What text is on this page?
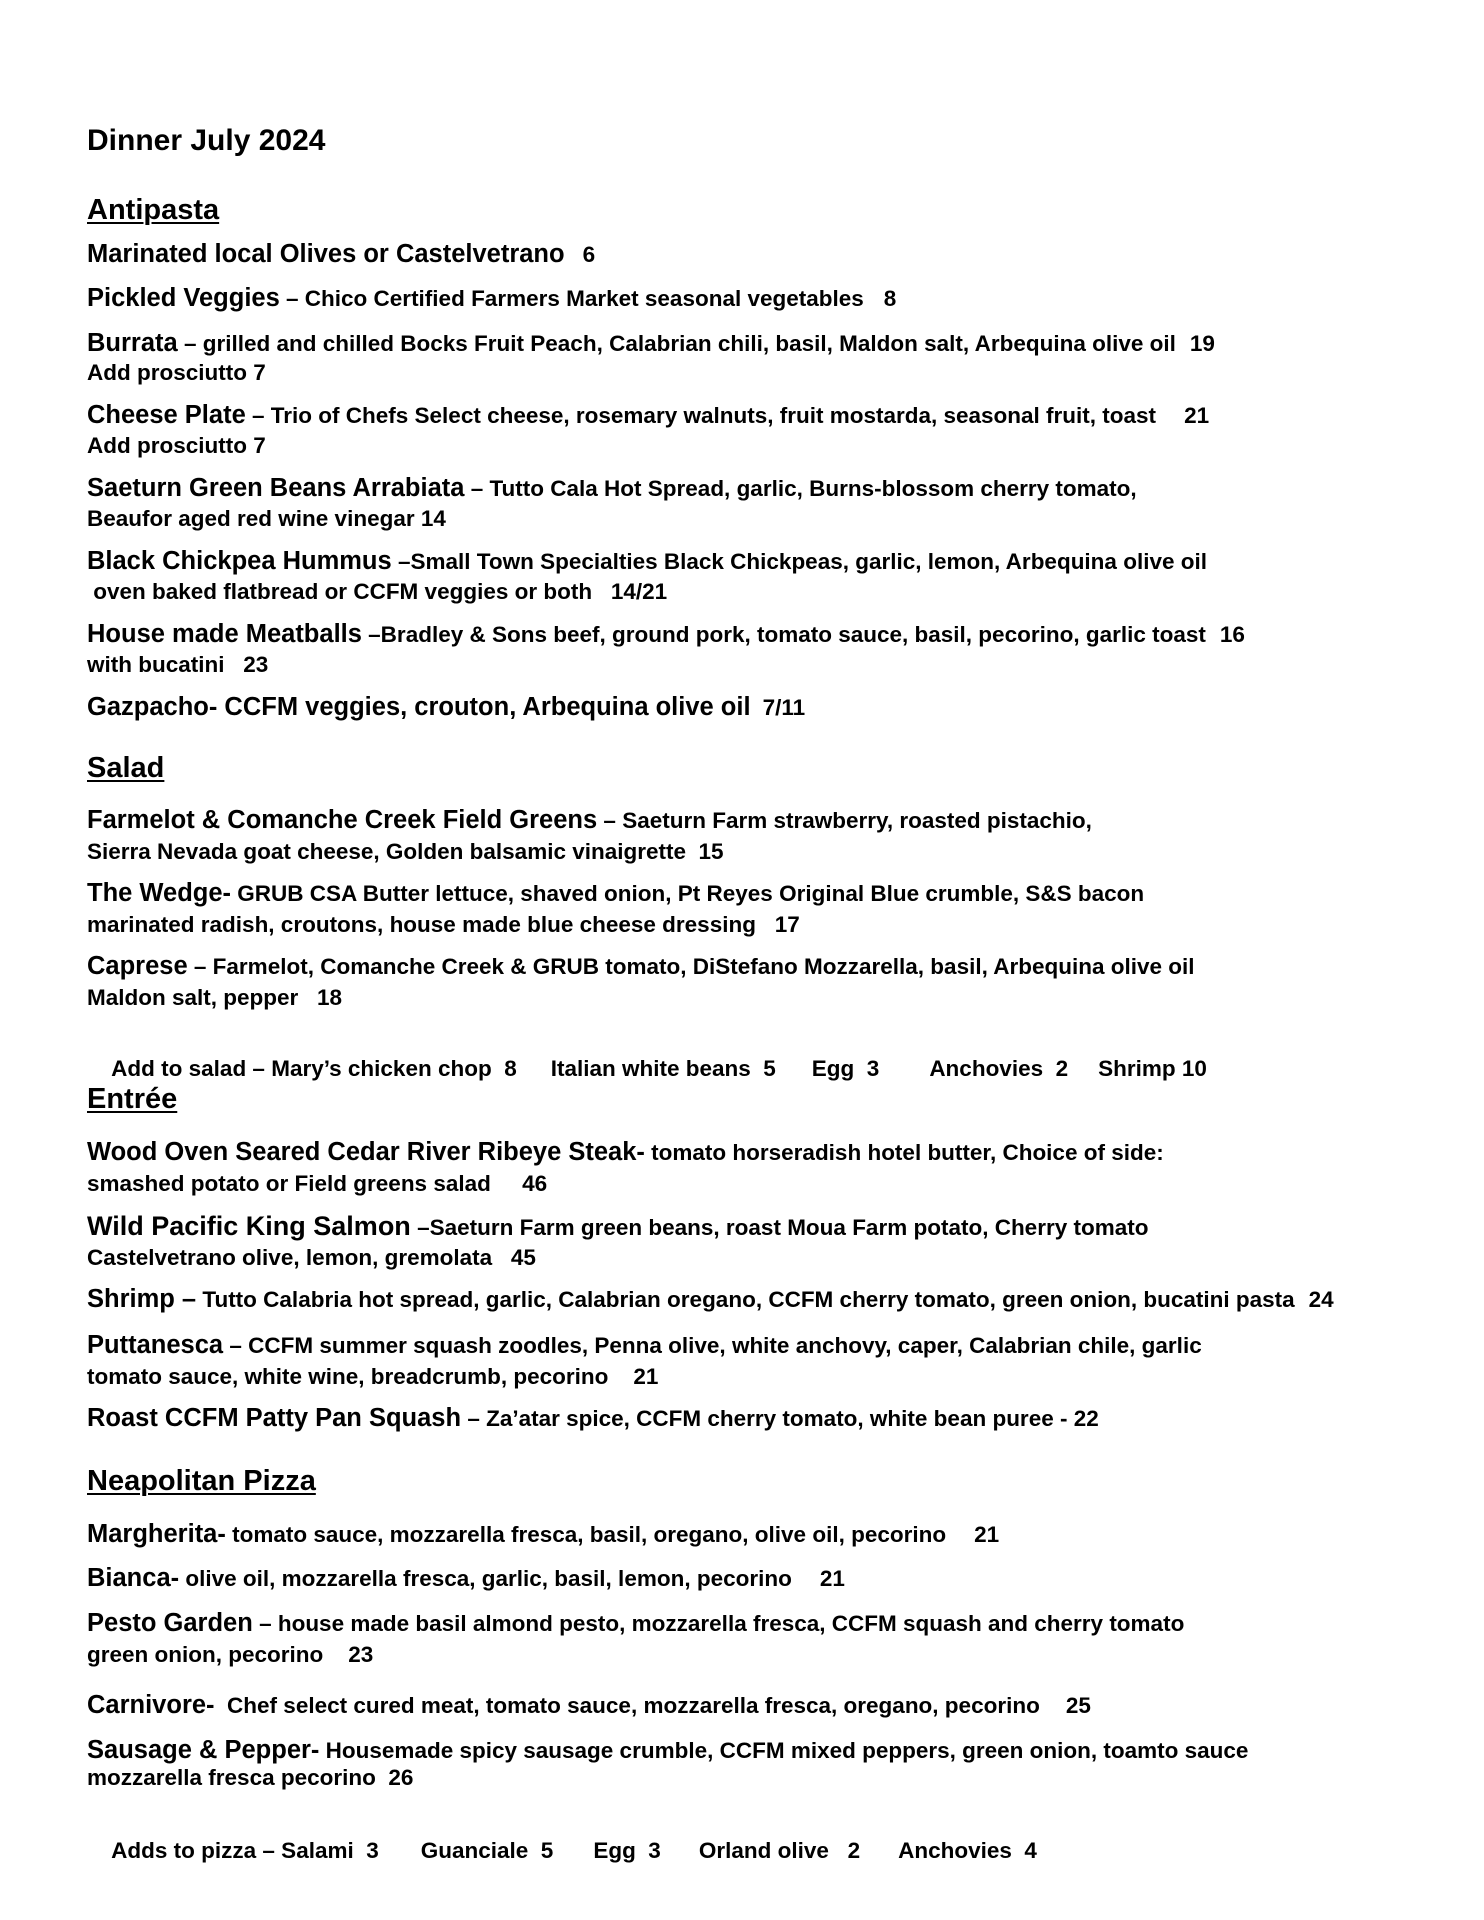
Dinner July 2024
Antipasta
Marinated local Olives or Castelvetrano 6
Pickled Veggies – Chico Certified Farmers Market seasonal vegetables 8
Burrata – grilled and chilled Bocks Fruit Peach, Calabrian chili, basil, Maldon salt, Arbequina olive oil 19
Add prosciutto 7
Cheese Plate – Trio of Chefs Select cheese, rosemary walnuts, fruit mostarda, seasonal fruit, toast 21
Add prosciutto 7
Saeturn Green Beans Arrabiata – Tutto Cala Hot Spread, garlic, Burns-blossom cherry tomato,
Beaufor aged red wine vinegar 14
Black Chickpea Hummus –Small Town Specialties Black Chickpeas, garlic, lemon, Arbequina olive oil
oven baked flatbread or CCFM veggies or both   14/21
House made Meatballs –Bradley & Sons beef, ground pork, tomato sauce, basil, pecorino, garlic toast 16
with bucatini   23
Gazpacho- CCFM veggies, crouton, Arbequina olive oil 7/11
Salad
Farmelot & Comanche Creek Field Greens – Saeturn Farm strawberry, roasted pistachio,
Sierra Nevada goat cheese, Golden balsamic vinaigrette  15
The Wedge- GRUB CSA Butter lettuce, shaved onion, Pt Reyes Original Blue crumble, S&S bacon
marinated radish, croutons, house made blue cheese dressing   17
Caprese – Farmelot, Comanche Creek & GRUB tomato, DiStefano Mozzarella, basil, Arbequina olive oil
Maldon salt, pepper   18

Add to salad – Mary’s chicken chop  8 Italian white beans  5 Egg  3 Anchovies  2 Shrimp 10

Entrée
Wood Oven Seared Cedar River Ribeye Steak- tomato horseradish hotel butter, Choice of side:
smashed potato or Field greens salad     46
Wild Pacific King Salmon –Saeturn Farm green beans, roast Moua Farm potato, Cherry tomato
Castelvetrano olive, lemon, gremolata   45
Shrimp – Tutto Calabria hot spread, garlic, Calabrian oregano, CCFM cherry tomato, green onion, bucatini pasta 24
Puttanesca – CCFM summer squash zoodles, Penna olive, white anchovy, caper, Calabrian chile, garlic
tomato sauce, white wine, breadcrumb, pecorino    21
Roast CCFM Patty Pan Squash – Za’atar spice, CCFM cherry tomato, white bean puree - 22
Neapolitan Pizza
Margherita- tomato sauce, mozzarella fresca, basil, oregano, olive oil, pecorino 21
Bianca- olive oil, mozzarella fresca, garlic, basil, lemon, pecorino 21
Pesto Garden – house made basil almond pesto, mozzarella fresca, CCFM squash and cherry tomato
green onion, pecorino    23
Carnivore-  Chef select cured meat, tomato sauce, mozzarella fresca, oregano, pecorino 25
Sausage & Pepper- Housemade spicy sausage crumble, CCFM mixed peppers, green onion, toamto sauce
mozzarella fresca pecorino  26

Adds to pizza – Salami  3 Guanciale  5 Egg  3 Orland olive   2 Anchovies  4
